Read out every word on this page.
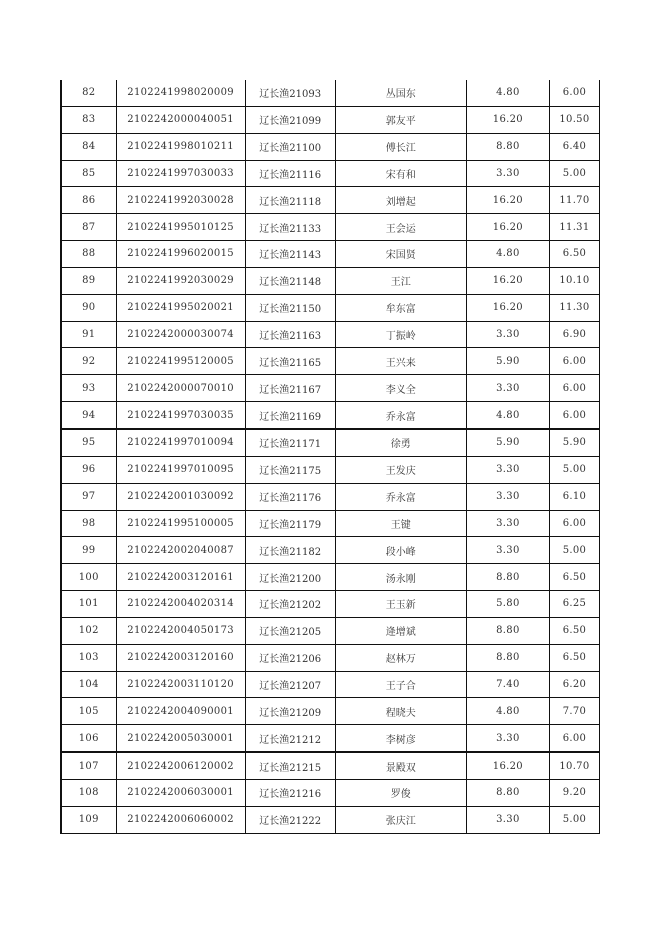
82	2102241998020009	辽长渔21093	丛国东	4.80	6.00
83	2102242000040051	辽长渔21099	郭友平	16.20	10.50
84	2102241998010211	辽长渔21100	傅长江	8.80	6.40
85	2102241997030033	辽长渔21116	宋有和	3.30	5.00
86	2102241992030028	辽长渔21118	刘增起	16.20	11.70
87	2102241995010125	辽长渔21133	王会运	16.20	11.31
88	2102241996020015	辽长渔21143	宋国贤	4.80	6.50
89	2102241992030029	辽长渔21148	王江	16.20	10.10
90	2102241995020021	辽长渔21150	牟东富	16.20	11.30
91	2102242000030074	辽长渔21163	丁振岭	3.30	6.90
92	2102241995120005	辽长渔21165	王兴来	5.90	6.00
93	2102242000070010	辽长渔21167	李义全	3.30	6.00
94	2102241997030035	辽长渔21169	乔永富	4.80	6.00
95	2102241997010094	辽长渔21171	徐勇	5.90	5.90
96	2102241997010095	辽长渔21175	王发庆	3.30	5.00
97	2102242001030092	辽长渔21176	乔永富	3.30	6.10
98	2102241995100005	辽长渔21179	王键	3.30	6.00
99	2102242002040087	辽长渔21182	段小峰	3.30	5.00
100	2102242003120161	辽长渔21200	汤永刚	8.80	6.50
101	2102242004020314	辽长渔21202	王玉新	5.80	6.25
102	2102242004050173	辽长渔21205	逄增斌	8.80	6.50
103	2102242003120160	辽长渔21206	赵林万	8.80	6.50
104	2102242003110120	辽长渔21207	王子合	7.40	6.20
105	2102242004090001	辽长渔21209	程晓夫	4.80	7.70
106	2102242005030001	辽长渔21212	李树彦	3.30	6.00
107	2102242006120002	辽长渔21215	景殿双	16.20	10.70
108	2102242006030001	辽长渔21216	罗俊	8.80	9.20
109	2102242006060002	辽长渔21222	张庆江	3.30	5.00
